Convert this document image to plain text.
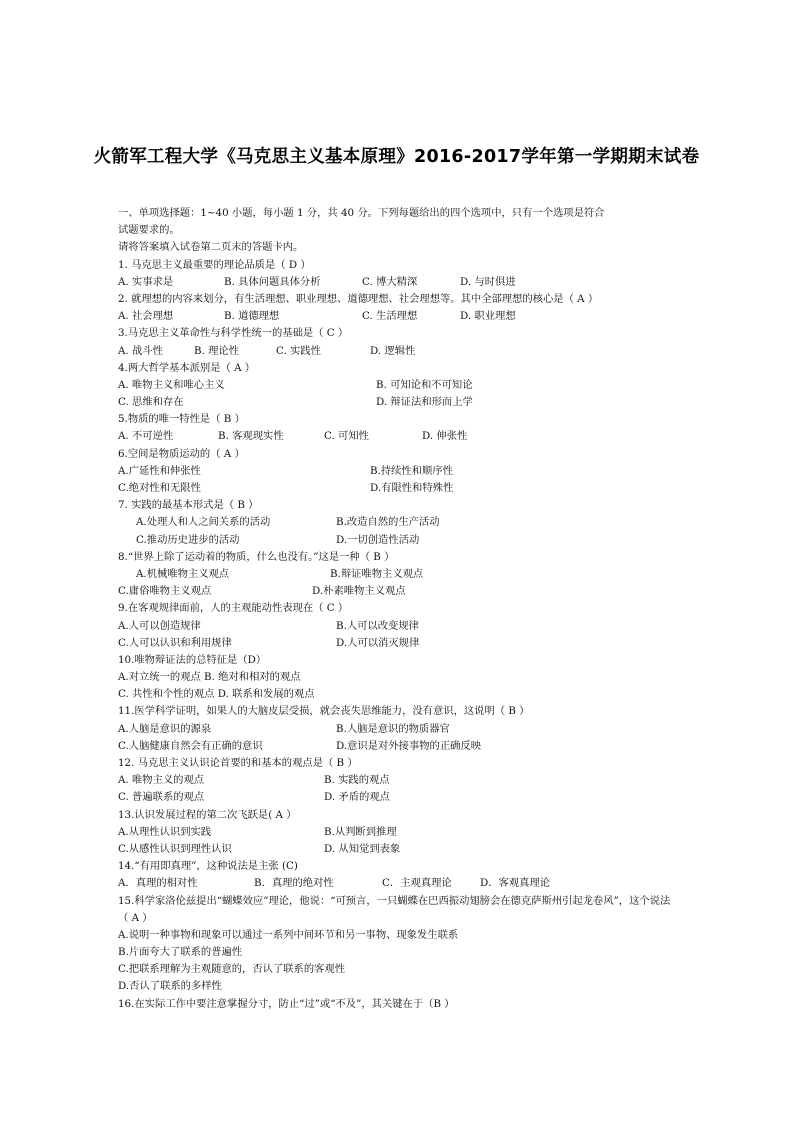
火箭军工程大学《马克思主义基本原理》2016-2017学年第一学期期末试卷
一、单项选择题：1~40 小题，每小题 1 分，共 40 分。下列每题给出的四个选项中，只有一个选项是符合
试题要求的。
请将答案填入试卷第二页末的答题卡内。
1. 马克思主义最重要的理论品质是（ D ）
A. 实事求是	B. 具体问题具体分析	C. 博大精深	D. 与时俱进
2. 就理想的内容来划分，有生活理想、职业理想、道德理想、社会理想等。其中全部理想的核心是（ A ）
A. 社会理想	B. 道德理想	C. 生活理想	D. 职业理想
3.马克思主义革命性与科学性统一的基础是（ C ）
A. 战斗性	B. 理论性	C. 实践性	D. 逻辑性
4.两大哲学基本派别是（ A ）
A. 唯物主义和唯心主义	B. 可知论和不可知论
C. 思维和存在	D. 辩证法和形而上学
5.物质的唯一特性是（ B ）
A. 不可逆性	B. 客观现实性	C. 可知性	D. 伸张性
6.空间是物质运动的（ A ）
A.广延性和伸张性	B.持续性和顺序性
C.绝对性和无限性	D.有限性和特殊性
7. 实践的最基本形式是（ B ）
A.处理人和人之间关系的活动	B.改造自然的生产活动
C.推动历史进步的活动	D.一切创造性活动
8.“世界上除了运动着的物质，什么也没有。”这是一种（ B ）
A.机械唯物主义观点	B.辩证唯物主义观点
C.庸俗唯物主义观点	D.朴素唯物主义观点
9.在客观规律面前，人的主观能动性表现在（ C ）
A.人可以创造规律	B.人可以改变规律
C.人可以认识和利用规律	D.人可以消灭规律
10.唯物辩证法的总特征是（D）
A.对立统一的观点 B. 绝对和相对的观点
C. 共性和个性的观点 D. 联系和发展的观点
11.医学科学证明，如果人的大脑皮层受损，就会丧失思维能力，没有意识，这说明（ B ）
A.人脑是意识的源泉	B.人脑是意识的物质器官
C.人脑健康自然会有正确的意识	D.意识是对外接事物的正确反映
12. 马克思主义认识论首要的和基本的观点是（ B ）
A. 唯物主义的观点	B. 实践的观点
C. 普遍联系的观点	D. 矛盾的观点
13.认识发展过程的第二次飞跃是( A ）
A.从理性认识到实践	B.从判断到推理
C.从感性认识到理性认识	D. 从知觉到表象
14.“有用即真理”，这种说法是主张 (C)
A．真理的相对性	B．真理的绝对性	C．主观真理论	D．客观真理论
15.科学家洛伦兹提出“蝴蝶效应”理论，他说：“可预言，一只蝴蝶在巴西振动翅膀会在德克萨斯州引起龙卷风”，这个说法（ A ）
A.说明一种事物和现象可以通过一系列中间环节和另一事物、现象发生联系
B.片面夸大了联系的普遍性
C.把联系理解为主观随意的，否认了联系的客观性
D.否认了联系的多样性
16.在实际工作中要注意掌握分寸，防止“过”或“不及”，其关键在于（B ）
